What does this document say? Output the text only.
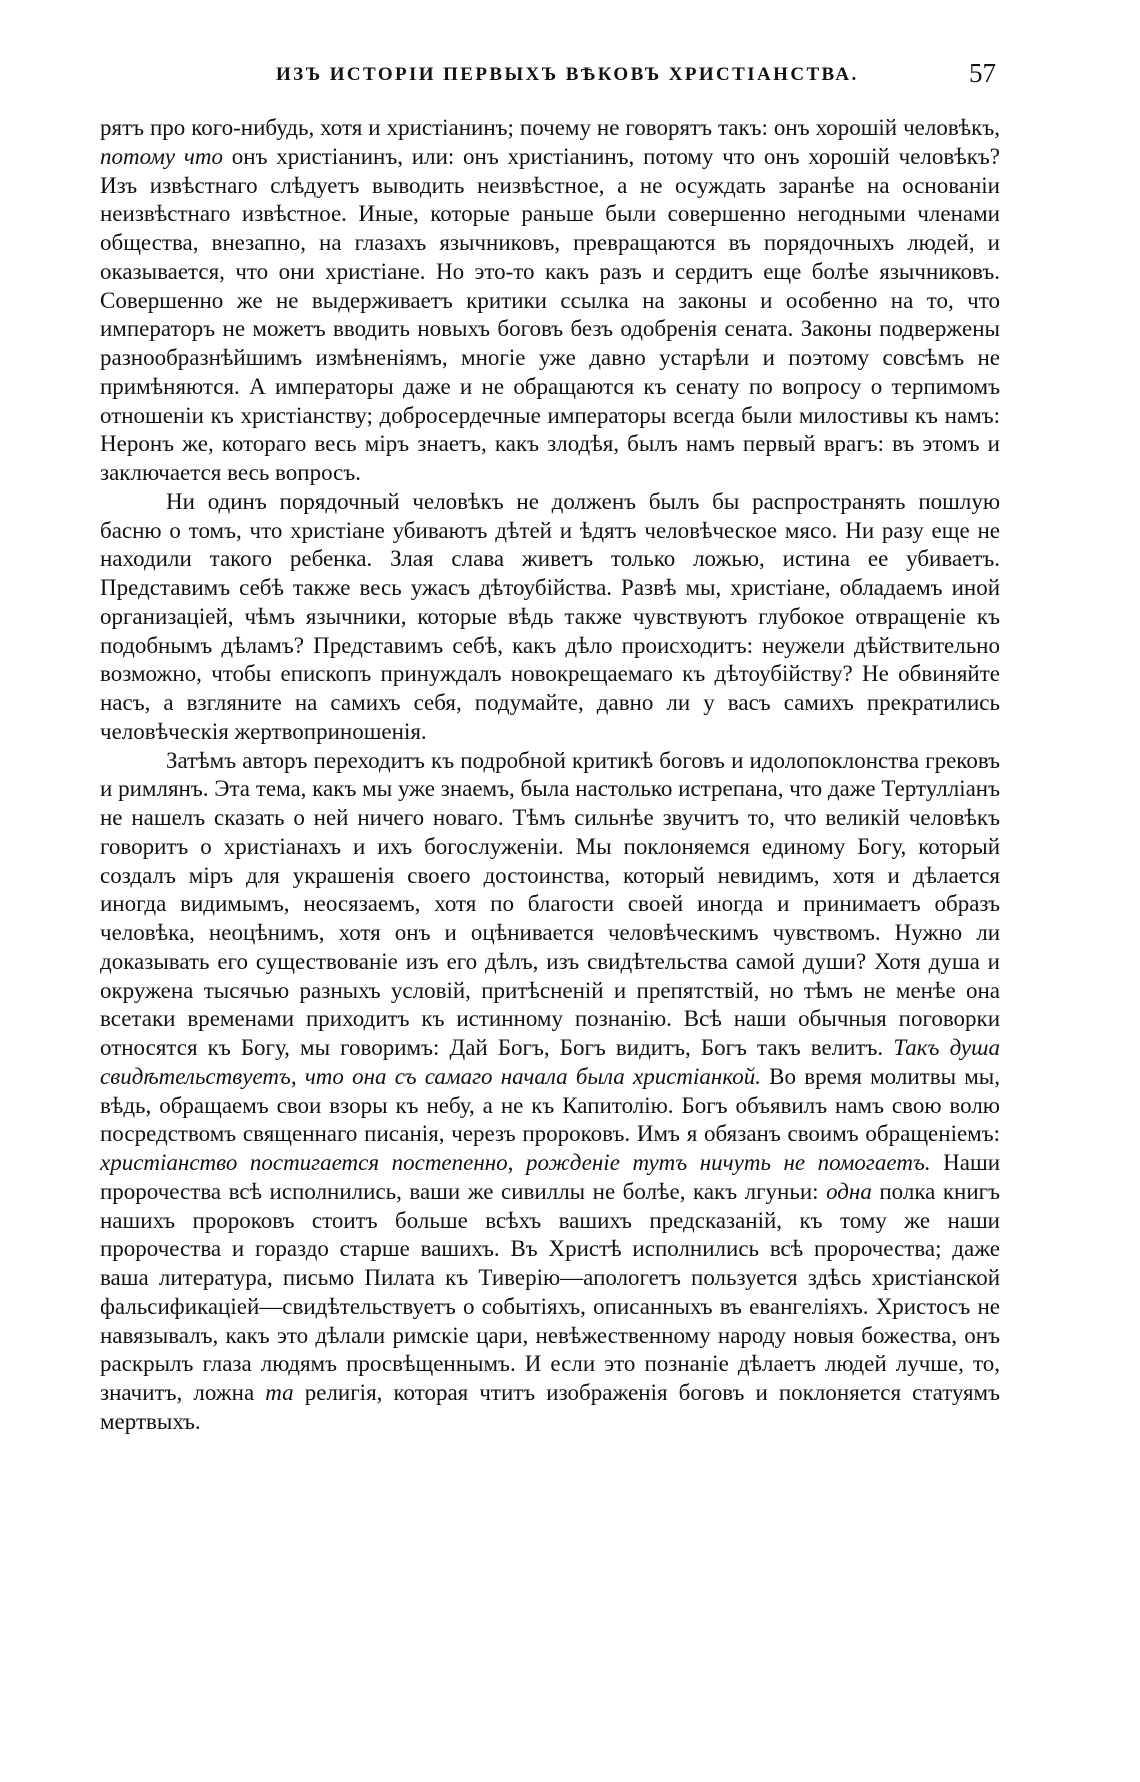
ИЗЪ ИСТОРІИ ПЕРВЫХЪ ВѢКОВЪ ХРИСТІАНСТВА.	57

рятъ про кого-нибудь, хотя и христіанинъ; почему не говорятъ такъ: онъ хорошій человѣкъ, потому что онъ христіанинъ, или: онъ христіанинъ, потому что онъ хорошій человѣкъ? Изъ извѣстнаго слѣдуетъ выводить неизвѣстное, а не осуждать заранѣе на основаніи неизвѣстнаго извѣстное. Иные, которые раньше были совершенно негодными членами общества, внезапно, на глазахъ язычниковъ, превращаются въ порядочныхъ людей, и оказывается, что они христіане. Но это-то какъ разъ и сердитъ еще болѣе язычниковъ. Совершенно же не выдерживаетъ критики ссылка на законы и особенно на то, что императоръ не можетъ вводить новыхъ боговъ безъ одобренія сената. Законы подвержены разнообразнѣйшимъ измѣненіямъ, многіе уже давно устарѣли и поэтому совсѣмъ не примѣняются. А императоры даже и не обращаются къ сенату по вопросу о терпимомъ отношеніи къ христіанству; добросердечные императоры всегда были милостивы къ намъ: Неронъ же, котораго весь міръ знаетъ, какъ злодѣя, былъ намъ первый врагъ: въ этомъ и заключается весь вопросъ.

Ни одинъ порядочный человѣкъ не долженъ былъ бы распространять пошлую басню о томъ, что христіане убиваютъ дѣтей и ѣдятъ человѣческое мясо. Ни разу еще не находили такого ребенка. Злая слава живетъ только ложью, истина ее убиваетъ. Представимъ себѣ также весь ужасъ дѣтоубійства. Развѣ мы, христіане, обладаемъ иной организаціей, чѣмъ язычники, которые вѣдь также чувствуютъ глубокое отвращеніе къ подобнымъ дѣламъ? Представимъ себѣ, какъ дѣло происходитъ: неужели дѣйствительно возможно, чтобы епископъ принуждалъ новокрещаемаго къ дѣтоубійству? Не обвиняйте насъ, а взгляните на самихъ себя, подумайте, давно ли у васъ самихъ прекратились человѣческія жертвоприношенія.

Затѣмъ авторъ переходитъ къ подробной критикѣ боговъ и идолопоклонства грековъ и римлянъ. Эта тема, какъ мы уже знаемъ, была настолько истрепана, что даже Тертулліанъ не нашелъ сказать о ней ничего новаго. Тѣмъ сильнѣе звучитъ то, что великій человѣкъ говоритъ о христіанахъ и ихъ богослуженіи. Мы поклоняемся единому Богу, который создалъ міръ для украшенія своего достоинства, который невидимъ, хотя и дѣлается иногда видимымъ, неосязаемъ, хотя по благости своей иногда и принимаетъ образъ человѣка, неоцѣнимъ, хотя онъ и оцѣнивается человѣческимъ чувствомъ. Нужно ли доказывать его существованіе изъ его дѣлъ, изъ свидѣтельства самой души? Хотя душа и окружена тысячью разныхъ условій, притѣсненій и препятствій, но тѣмъ не менѣе она всетаки временами приходитъ къ истинному познанію. Всѣ наши обычныя поговорки относятся къ Богу, мы говоримъ: Дай Богъ, Богъ видитъ, Богъ такъ велитъ. Такъ душа свидѣтельствуетъ, что она съ самаго начала была христіанкой. Во время молитвы мы, вѣдь, обращаемъ свои взоры къ небу, а не къ Капитолію. Богъ объявилъ намъ свою волю посредствомъ священнаго писанія, черезъ пророковъ. Имъ я обязанъ своимъ обращеніемъ: христіанство постигается постепенно, рожденіе тутъ ничуть не помогаетъ. Наши пророчества всѣ исполнились, ваши же сивиллы не болѣе, какъ лгуньи: одна полка книгъ нашихъ пророковъ стоитъ больше всѣхъ вашихъ предсказаній, къ тому же наши пророчества и гораздо старше вашихъ. Въ Христѣ исполнились всѣ пророчества; даже ваша литература, письмо Пилата къ Тиверію—апологетъ пользуется здѣсь христіанской фальсификаціей—свидѣтельствуетъ о событіяхъ, описанныхъ въ евангеліяхъ. Христосъ не навязывалъ, какъ это дѣлали римскіе цари, невѣжественному народу новыя божества, онъ раскрылъ глаза людямъ просвѣщеннымъ. И если это познаніе дѣлаетъ людей лучше, то, значитъ, ложна та религія, которая чтитъ изображенія боговъ и поклоняется статуямъ мертвыхъ.
